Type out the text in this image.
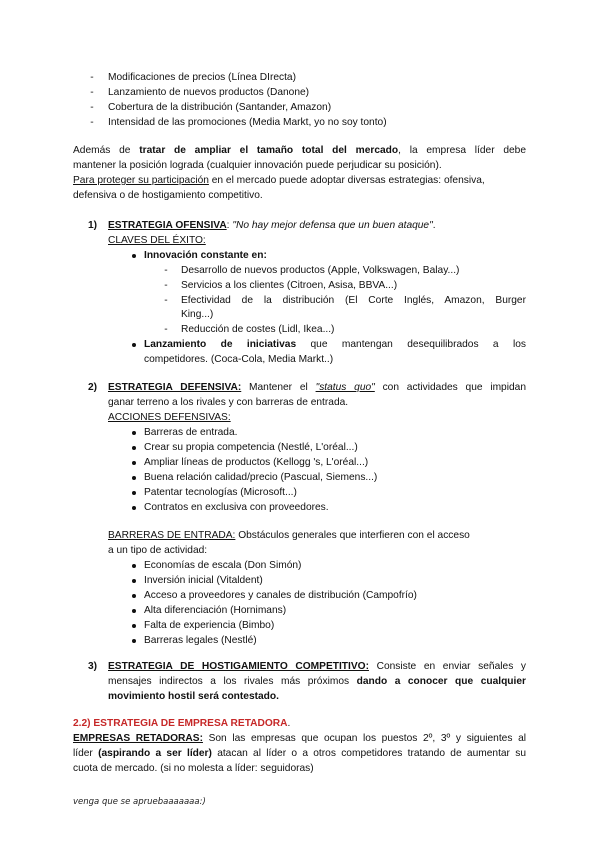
- Modificaciones de precios (Línea DIrecta)
- Lanzamiento de nuevos productos (Danone)
- Cobertura de la distribución (Santander, Amazon)
- Intensidad de las promociones (Media Markt, yo no soy tonto)
Además de tratar de ampliar el tamaño total del mercado, la empresa líder debe
mantener la posición lograda (cualquier innovación puede perjudicar su posición).
Para proteger su participación en el mercado puede adoptar diversas estrategias: ofensiva,
defensiva o de hostigamiento competitivo.
1) ESTRATEGIA OFENSIVA: "No hay mejor defensa que un buen ataque".
CLAVES DEL ÉXITO:
Innovación constante en:
- Desarrollo de nuevos productos (Apple, Volkswagen, Balay...)
- Servicios a los clientes (Citroen, Asisa, BBVA...)
- Efectividad de la distribución (El Corte Inglés, Amazon, Burger
King...)
- Reducción de costes (Lidl, Ikea...)
Lanzamiento de iniciativas que mantengan desequilibrados a los
competidores. (Coca-Cola, Media Markt..)
2) ESTRATEGIA DEFENSIVA: Mantener el "status quo" con actividades que impidan
ganar terreno a los rivales y con barreras de entrada.
ACCIONES DEFENSIVAS:
Barreras de entrada.
Crear su propia competencia (Nestlé, L'oréal...)
Ampliar líneas de productos (Kellogg 's, L'oréal...)
Buena relación calidad/precio (Pascual, Siemens...)
Patentar tecnologías (Microsoft...)
Contratos en exclusiva con proveedores.
BARRERAS DE ENTRADA: Obstáculos generales que interfieren con el acceso
a un tipo de actividad:
Economías de escala (Don Simón)
Inversión inicial (Vitaldent)
Acceso a proveedores y canales de distribución (Campofrío)
Alta diferenciación (Hornimans)
Falta de experiencia (Bimbo)
Barreras legales (Nestlé)
3) ESTRATEGIA DE HOSTIGAMIENTO COMPETITIVO: Consiste en enviar señales y
mensajes indirectos a los rivales más próximos dando a conocer que cualquier
movimiento hostil será contestado.
2.2) ESTRATEGIA DE EMPRESA RETADORA.
EMPRESAS RETADORAS: Son las empresas que ocupan los puestos 2º, 3º y siguientes al
líder (aspirando a ser líder) atacan al líder o a otros competidores tratando de aumentar su
cuota de mercado. (si no molesta a líder: seguidoras)
venga que se apruebaaaaaaa:)
